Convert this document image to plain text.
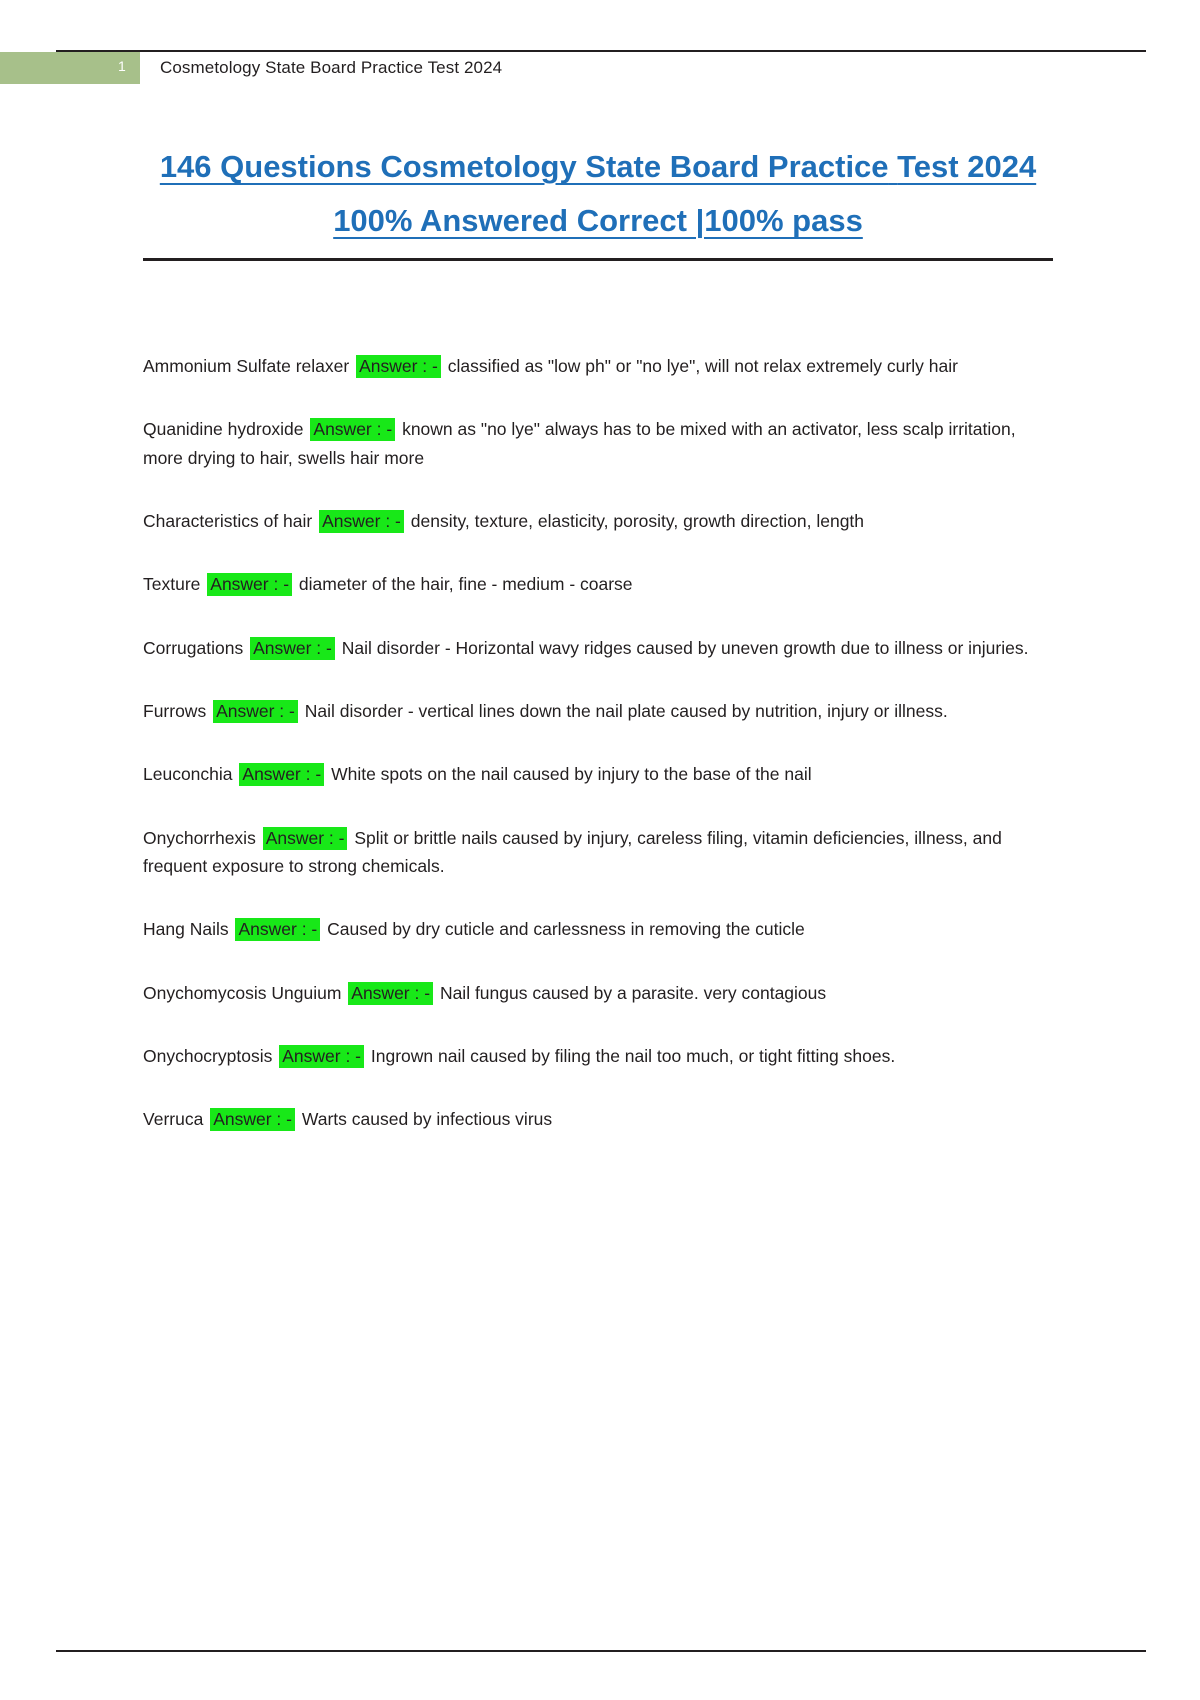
1 Cosmetology State Board Practice Test 2024
146 Questions Cosmetology State Board Practice Test 2024 100% Answered Correct |100% pass
Ammonium Sulfate relaxer Answer : - classified as "low ph" or "no lye", will not relax extremely curly hair
Quanidine hydroxide Answer : - known as "no lye" always has to be mixed with an activator, less scalp irritation, more drying to hair, swells hair more
Characteristics of hair Answer : - density, texture, elasticity, porosity, growth direction, length
Texture Answer : - diameter of the hair, fine - medium - coarse
Corrugations Answer : - Nail disorder - Horizontal wavy ridges caused by uneven growth due to illness or injuries.
Furrows Answer : - Nail disorder - vertical lines down the nail plate caused by nutrition, injury or illness.
Leuconchia Answer : - White spots on the nail caused by injury to the base of the nail
Onychorrhexis Answer : - Split or brittle nails caused by injury, careless filing, vitamin deficiencies, illness, and frequent exposure to strong chemicals.
Hang Nails Answer : - Caused by dry cuticle and carlessness in removing the cuticle
Onychomycosis Unguium Answer : - Nail fungus caused by a parasite. very contagious
Onychocryptosis Answer : - Ingrown nail caused by filing the nail too much, or tight fitting shoes.
Verruca Answer : - Warts caused by infectious virus
